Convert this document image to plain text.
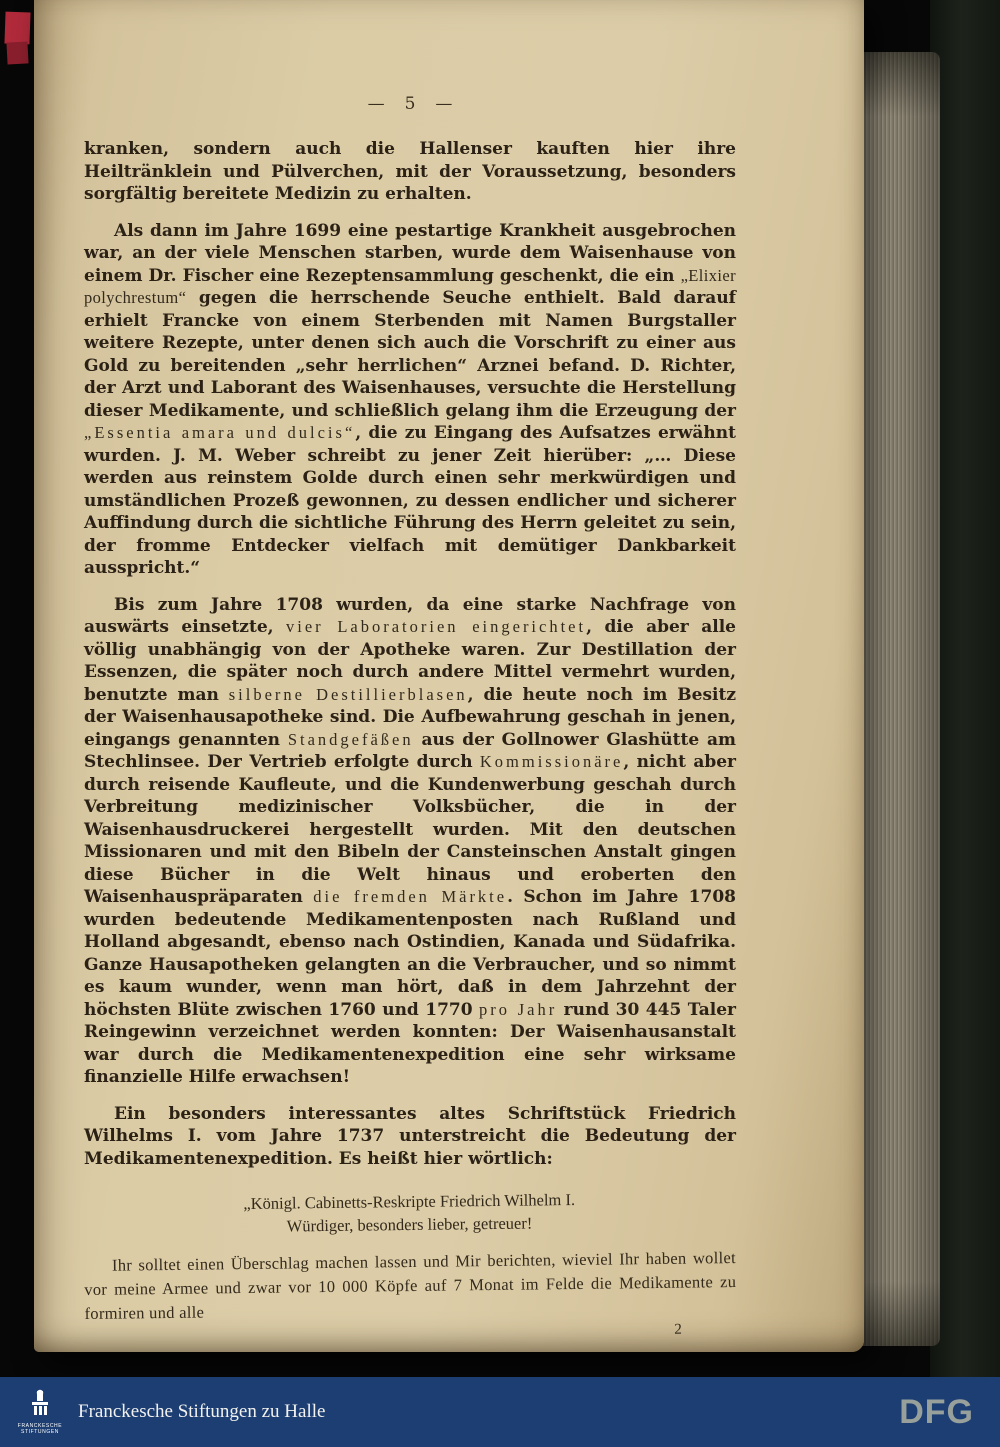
— 5 —

kranken, sondern auch die Hallenser kauften hier ihre Heiltränklein und Pülverchen, mit der Voraussetzung, besonders sorgfältig bereitete Medizin zu erhalten.

Als dann im Jahre 1699 eine pestartige Krankheit ausgebrochen war, an der viele Menschen starben, wurde dem Waisenhause von einem Dr. Fischer eine Rezeptensammlung geschenkt, die ein „Elixier polychrestum“ gegen die herrschende Seuche enthielt. Bald darauf erhielt Francke von einem Sterbenden mit Namen Burgstaller weitere Rezepte, unter denen sich auch die Vorschrift zu einer aus Gold zu bereitenden „sehr herrlichen“ Arznei befand. D. Richter, der Arzt und Laborant des Waisenhauses, versuchte die Herstellung dieser Medikamente, und schließlich gelang ihm die Erzeugung der „Essentia amara und dulcis“, die zu Eingang des Aufsatzes erwähnt wurden. J. M. Weber schreibt zu jener Zeit hierüber: „… Diese werden aus reinstem Golde durch einen sehr merkwürdigen und umständlichen Prozeß gewonnen, zu dessen endlicher und sicherer Auffindung durch die sichtliche Führung des Herrn geleitet zu sein, der fromme Entdecker vielfach mit demütiger Dankbarkeit ausspricht.“

Bis zum Jahre 1708 wurden, da eine starke Nachfrage von auswärts einsetzte, vier Laboratorien eingerichtet, die aber alle völlig unabhängig von der Apotheke waren. Zur Destillation der Essenzen, die später noch durch andere Mittel vermehrt wurden, benutzte man silberne Destillierblasen, die heute noch im Besitz der Waisenhausapotheke sind. Die Aufbewahrung geschah in jenen, eingangs genannten Standgefäßen aus der Gollnower Glashütte am Stechlinsee. Der Vertrieb erfolgte durch Kommissionäre, nicht aber durch reisende Kaufleute, und die Kundenwerbung geschah durch Verbreitung medizinischer Volksbücher, die in der Waisenhausdruckerei hergestellt wurden. Mit den deutschen Missionaren und mit den Bibeln der Cansteinschen Anstalt gingen diese Bücher in die Welt hinaus und eroberten den Waisenhauspräparaten die fremden Märkte. Schon im Jahre 1708 wurden bedeutende Medikamentenposten nach Rußland und Holland abgesandt, ebenso nach Ostindien, Kanada und Südafrika. Ganze Hausapotheken gelangten an die Verbraucher, und so nimmt es kaum wunder, wenn man hört, daß in dem Jahrzehnt der höchsten Blüte zwischen 1760 und 1770 pro Jahr rund 30 445 Taler Reingewinn verzeichnet werden konnten: Der Waisenhausanstalt war durch die Medikamentenexpedition eine sehr wirksame finanzielle Hilfe erwachsen!

Ein besonders interessantes altes Schriftstück Friedrich Wilhelms I. vom Jahre 1737 unterstreicht die Bedeutung der Medikamentenexpedition. Es heißt hier wörtlich:

„Königl. Cabinetts-Reskripte Friedrich Wilhelm I.
Würdiger, besonders lieber, getreuer!
Ihr solltet einen Überschlag machen lassen und Mir berichten, wieviel Ihr haben wollet vor meine Armee und zwar vor 10 000 Köpfe auf 7 Monat im Felde die Medikamente zu formiren und alle
2
FRANCKESCHE STIFTUNGEN
Franckesche Stiftungen zu Halle	DFG
